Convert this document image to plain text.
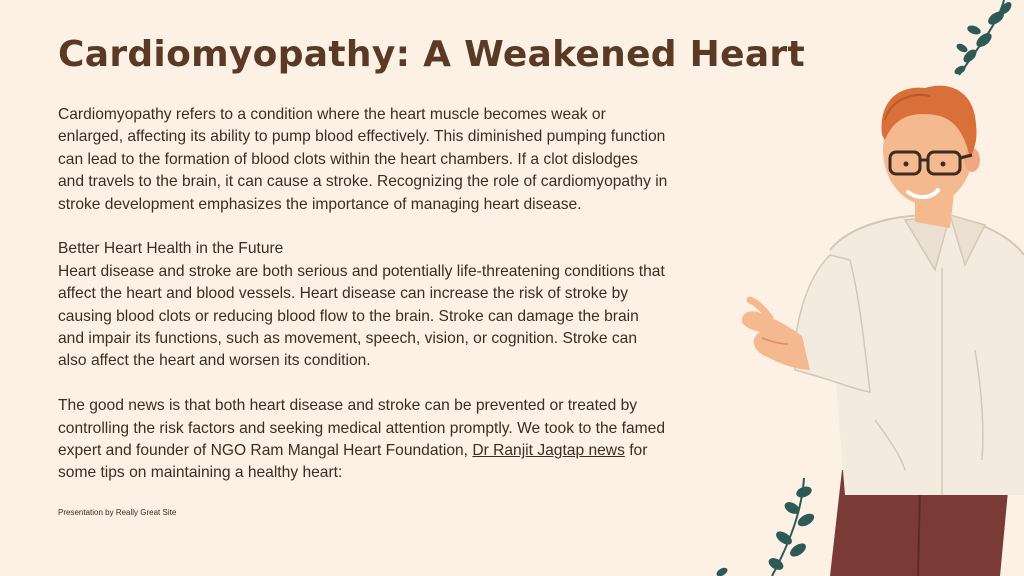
Cardiomyopathy: A Weakened Heart

Cardiomyopathy refers to a condition where the heart muscle becomes weak or enlarged, affecting its ability to pump blood effectively. This diminished pumping function can lead to the formation of blood clots within the heart chambers. If a clot dislodges and travels to the brain, it can cause a stroke. Recognizing the role of cardiomyopathy in stroke development emphasizes the importance of managing heart disease.

Better Heart Health in the Future

Heart disease and stroke are both serious and potentially life-threatening conditions that affect the heart and blood vessels. Heart disease can increase the risk of stroke by causing blood clots or reducing blood flow to the brain. Stroke can damage the brain and impair its functions, such as movement, speech, vision, or cognition. Stroke can also affect the heart and worsen its condition.

The good news is that both heart disease and stroke can be prevented or treated by controlling the risk factors and seeking medical attention promptly. We took to the famed expert and founder of NGO Ram Mangal Heart Foundation, Dr Ranjit Jagtap news for some tips on maintaining a healthy heart:

Presentation by Really Great Site
